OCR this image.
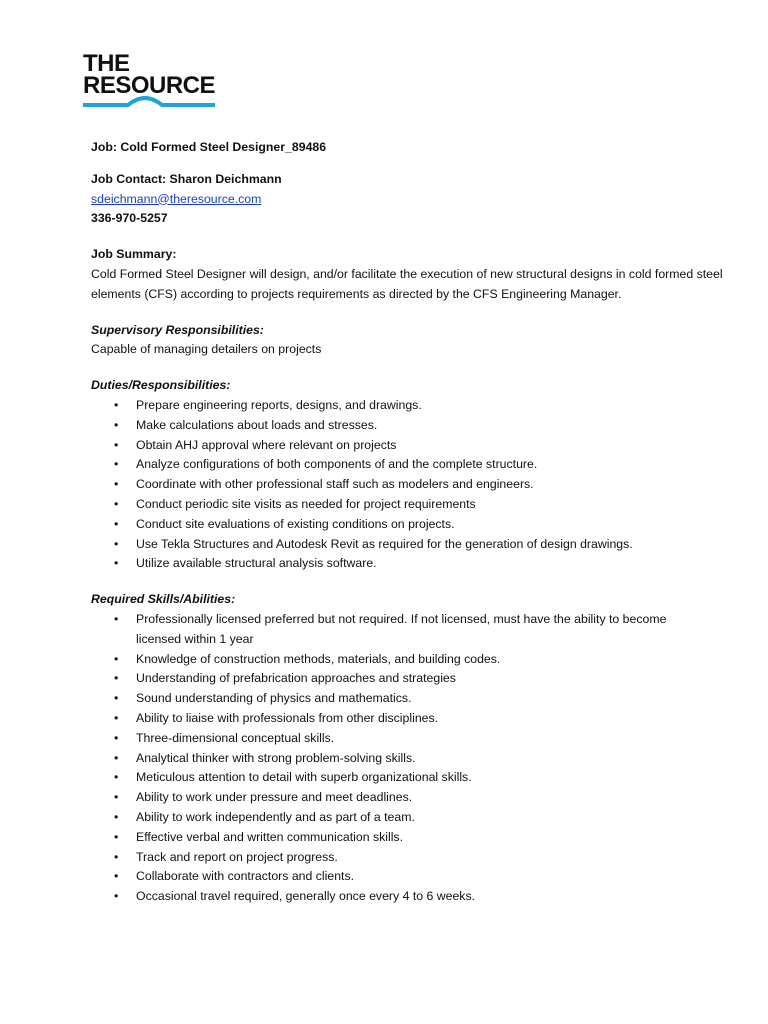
THE
RESOURCE

Job: Cold Formed Steel Designer_89486

Job Contact: Sharon Deichmann

sdeichmann@theresource.com

336-970-5257

Job Summary:

Cold Formed Steel Designer will design, and/or facilitate the execution of new structural designs in cold formed steel elements (CFS) according to projects requirements as directed by the CFS Engineering Manager.

Supervisory Responsibilities:

Capable of managing detailers on projects

Duties/Responsibilities:

• Prepare engineering reports, designs, and drawings.
• Make calculations about loads and stresses.
• Obtain AHJ approval where relevant on projects
• Analyze configurations of both components of and the complete structure.
• Coordinate with other professional staff such as modelers and engineers.
• Conduct periodic site visits as needed for project requirements
• Conduct site evaluations of existing conditions on projects.
• Use Tekla Structures and Autodesk Revit as required for the generation of design drawings.
• Utilize available structural analysis software.

Required Skills/Abilities:

• Professionally licensed preferred but not required. If not licensed, must have the ability to become licensed within 1 year
• Knowledge of construction methods, materials, and building codes.
• Understanding of prefabrication approaches and strategies
• Sound understanding of physics and mathematics.
• Ability to liaise with professionals from other disciplines.
• Three-dimensional conceptual skills.
• Analytical thinker with strong problem-solving skills.
• Meticulous attention to detail with superb organizational skills.
• Ability to work under pressure and meet deadlines.
• Ability to work independently and as part of a team.
• Effective verbal and written communication skills.
• Track and report on project progress.
• Collaborate with contractors and clients.
• Occasional travel required, generally once every 4 to 6 weeks.
